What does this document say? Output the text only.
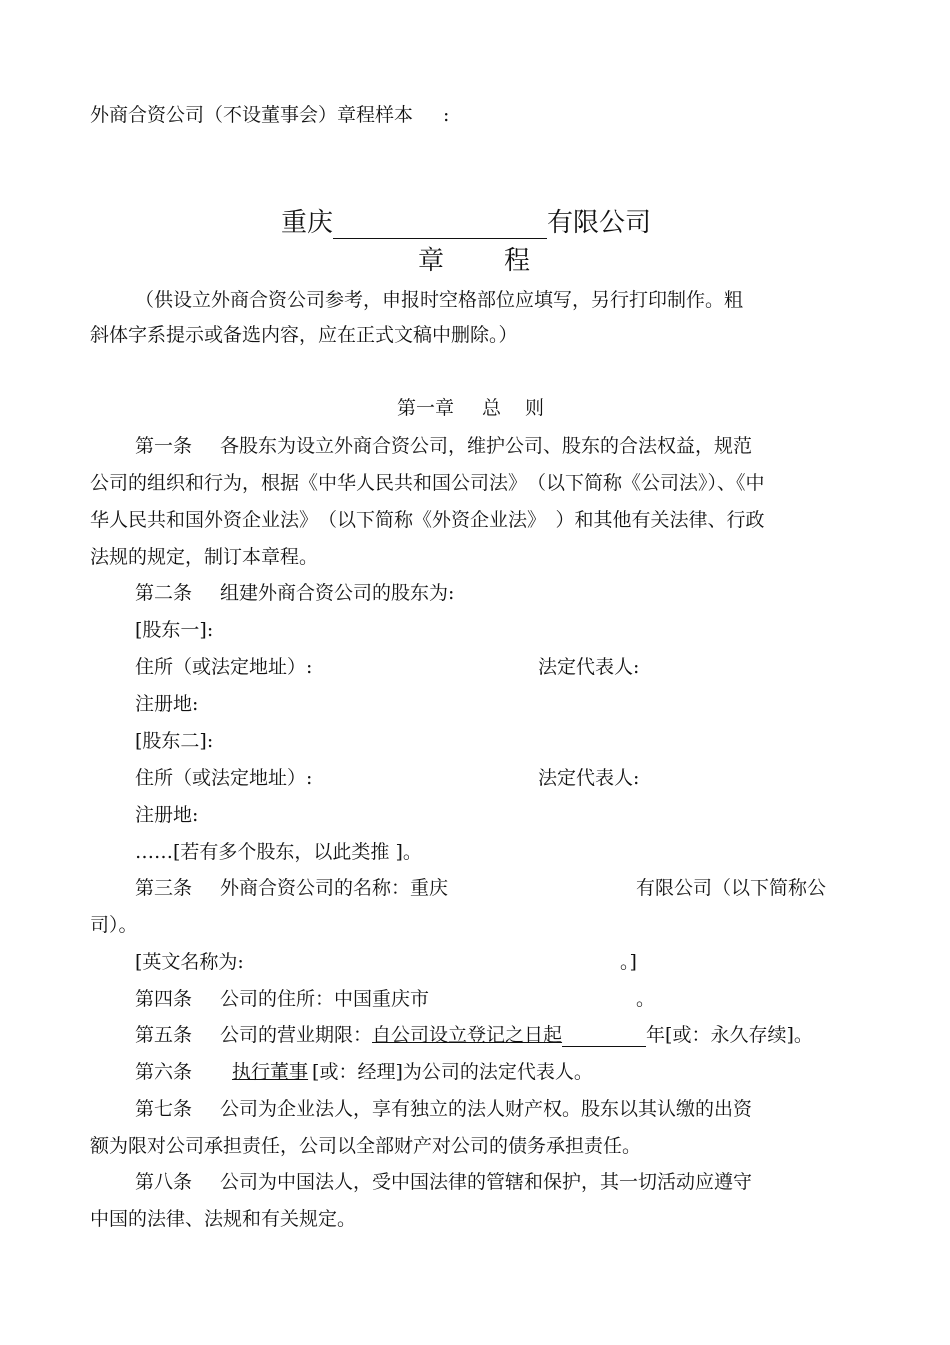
外商合资公司（不设董事会）章程样本 :
重庆	有限公司
章 程
（供设立外商合资公司参考，申报时空格部位应填写，另行打印制作。粗
斜体字系提示或备选内容，应在正式文稿中删除。）
第一章 总 则
第一条 各股东为设立外商合资公司，维护公司、股东的合法权益，规范
公司的组织和行为，根据《中华人民共和国公司法》　（以下简称《公司法》）、《中
华人民共和国外资企业法》　（以下简称《外资企业法》　）和其他有关法律、行政
法规的规定，制订本章程。
第二条 组建外商合资公司的股东为:
[股东一]:
住所（或法定地址）:	法定代表人:
注册地:
[股东二]:
住所（或法定地址）:	法定代表人:
注册地:
……[若有多个股东，以此类推 ]。
第三条 外商合资公司的名称：重庆	有限公司（以下简称公
司）。
[英文名称为:	。]
第四条 公司的住所：中国重庆市	。
第五条 公司的营业期限：自公司设立登记之日起	年[或：永久存续]。
第六条 执行董事 [或：经理]为公司的法定代表人。
第七条 公司为企业法人，享有独立的法人财产权。股东以其认缴的出资
额为限对公司承担责任，公司以全部财产对公司的债务承担责任。
第八条 公司为中国法人，受中国法律的管辖和保护，其一切活动应遵守
中国的法律、法规和有关规定。
